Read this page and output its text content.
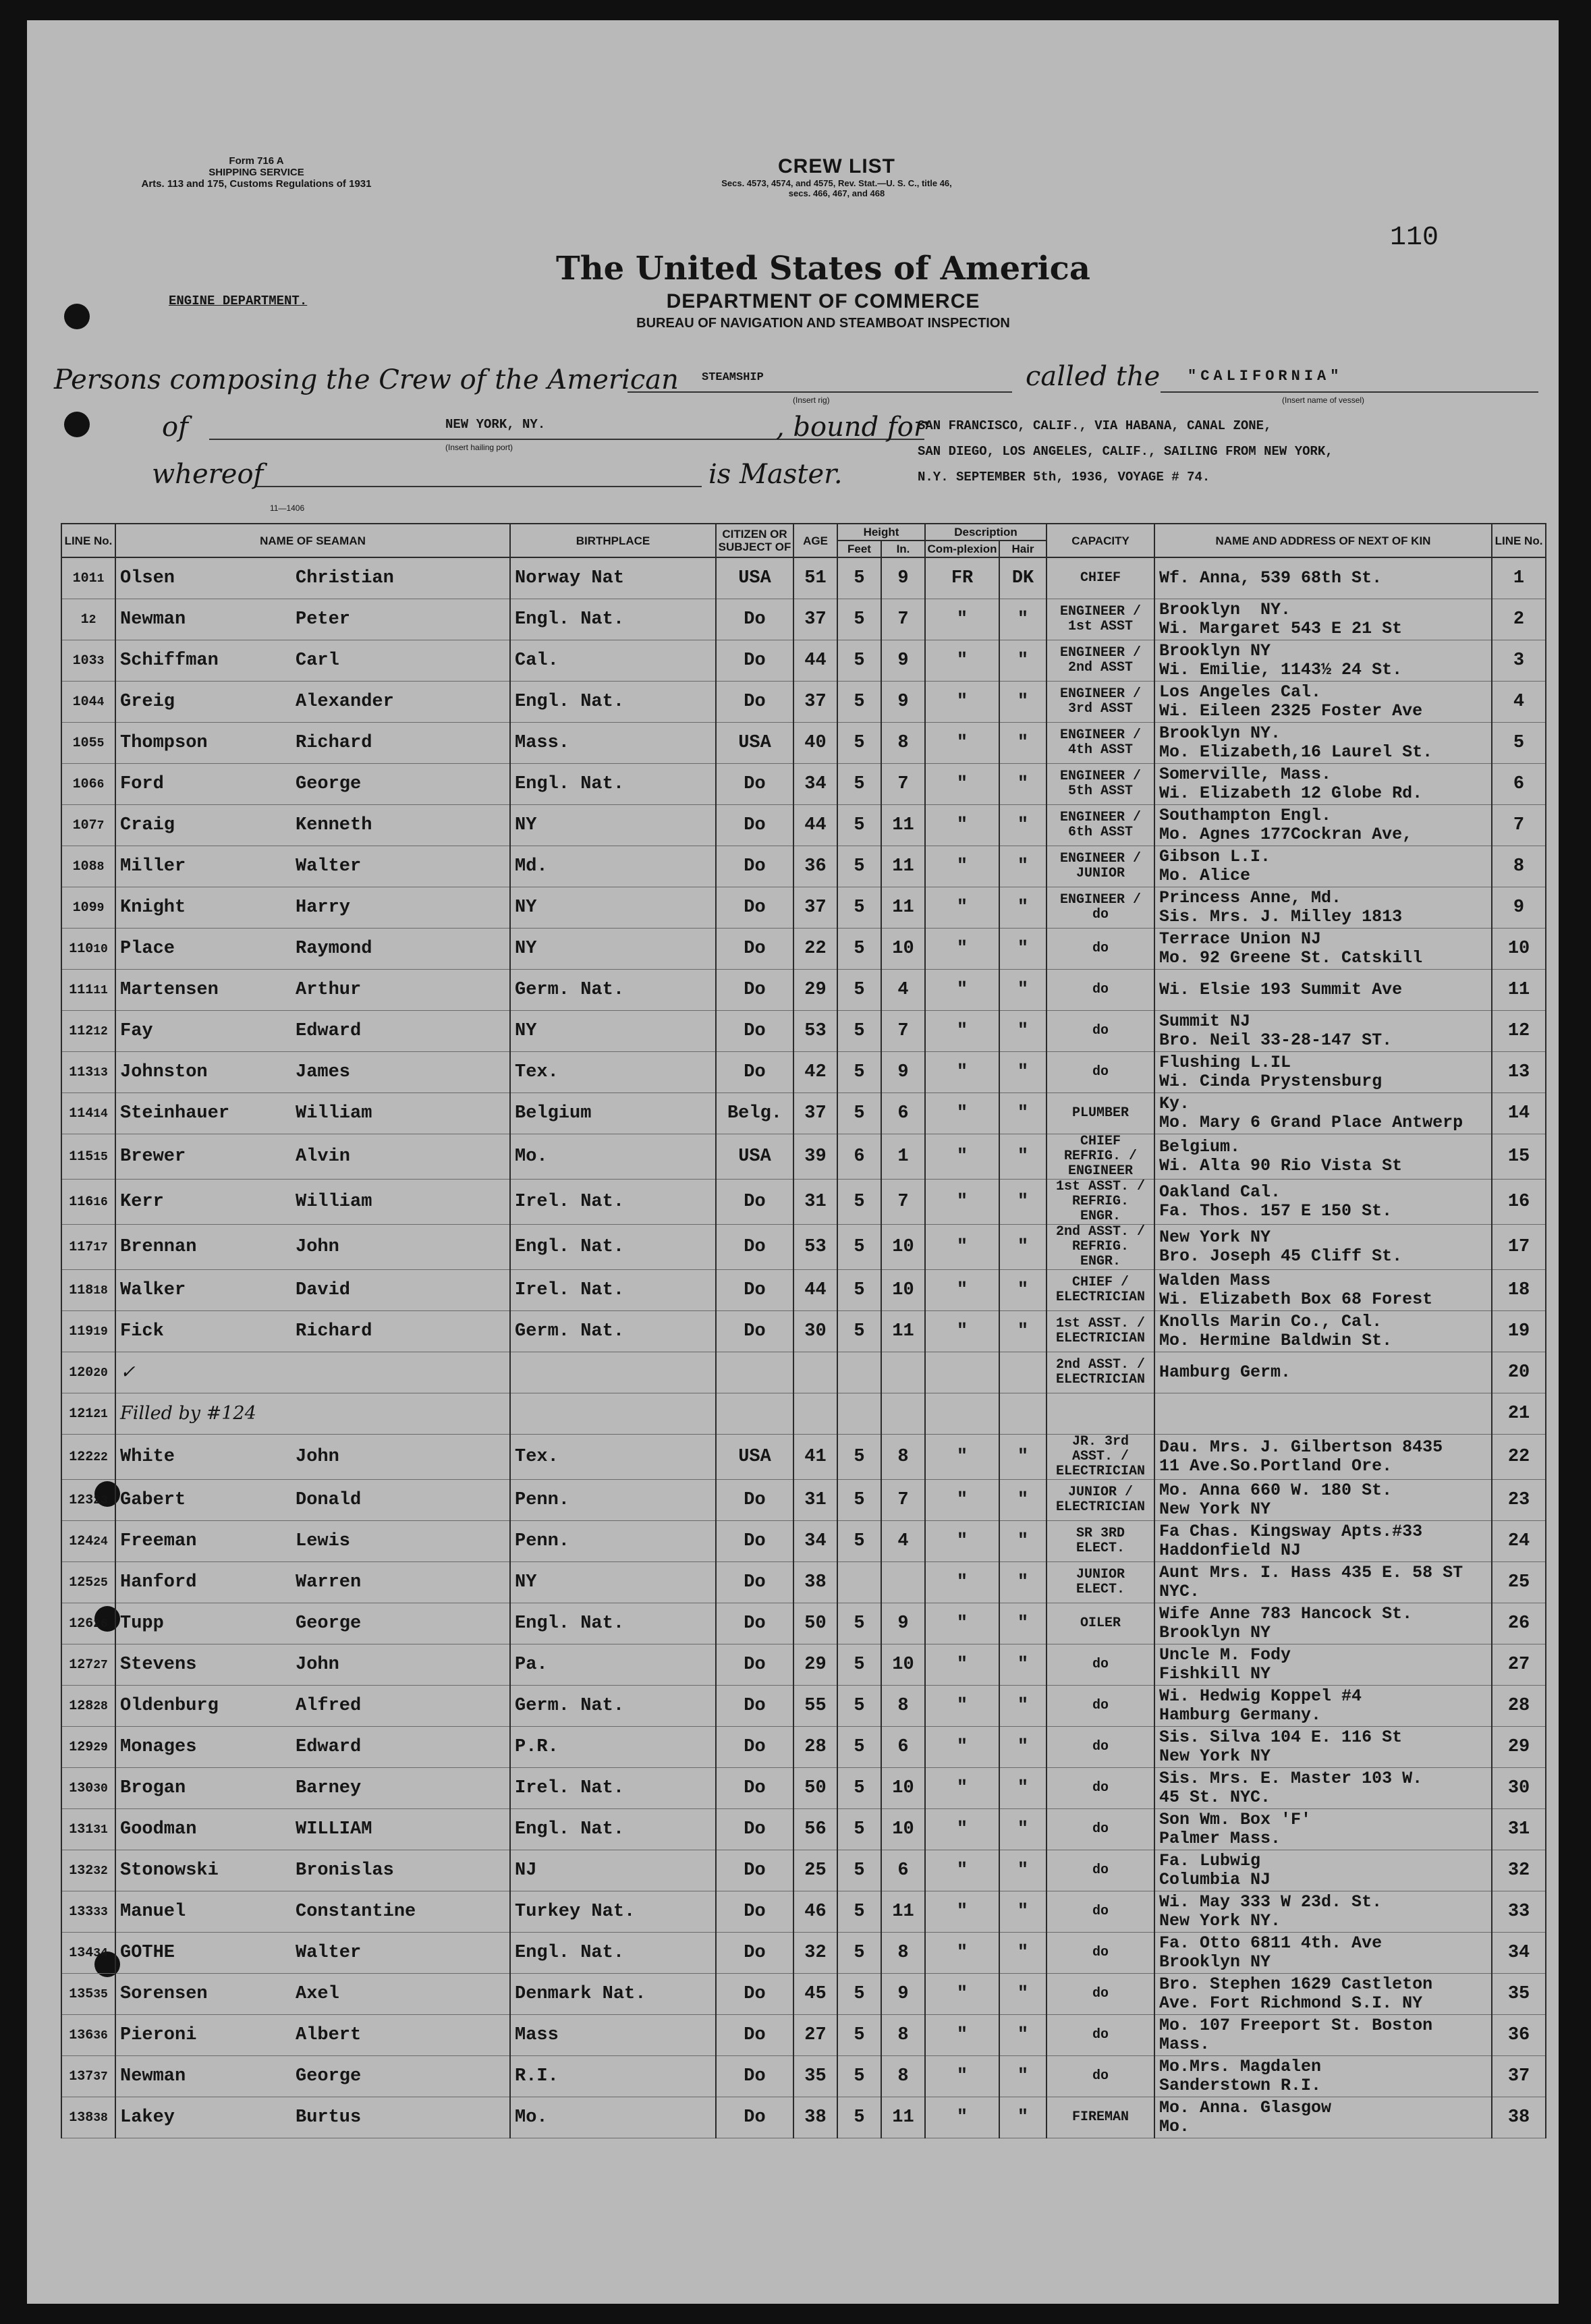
Form 716 A
SHIPPING SERVICE
Arts. 113 and 175, Customs Regulations of 1931
CREW LIST
Secs. 4573, 4574, and 4575, Rev. Stat.—U. S. C., title 46,
secs. 466, 467, and 468
110
The United States of America
DEPARTMENT OF COMMERCE
BUREAU OF NAVIGATION AND STEAMBOAT INSPECTION
ENGINE DEPARTMENT.
Persons composing the Crew of the American STEAMSHIP
(Insert rig)
called the "CALIFORNIA"
(Insert name of vessel)
of	NEW YORK, NY.
(Insert hailing port)
, bound for
SAN FRANCISCO, CALIF., VIA HABANA, CANAL ZONE,
SAN DIEGO, LOS ANGELES, CALIF., SAILING FROM NEW YORK,
N.Y. SEPTEMBER 5th, 1936, VOYAGE # 74.
whereof	is Master.
11—1406
LINE No.	NAME OF SEAMAN	BIRTHPLACE	CITIZEN OR SUBJECT OF	AGE	Height		Description		CAPACITY	NAME AND ADDRESS OF NEXT OF KIN	LINE No.
					Feet	In.	Com-plexion	Hair			
1011	Olsen Christian	Norway Nat	USA	51	5	9	FR	DK	CHIEF	Wf. Anna, 539 68th St.	1
12	Newman Peter	Engl. Nat.	Do	37	5	7	"	"	ENGINEER / 1st ASST	Brooklyn  NY.
Wi. Margaret 543 E 21 St	2
1033	Schiffman Carl	Cal.	Do	44	5	9	"	"	ENGINEER / 2nd ASST	Brooklyn NY
Wi. Emilie, 1143½ 24 St.	3
1044	Greig Alexander	Engl. Nat.	Do	37	5	9	"	"	ENGINEER / 3rd ASST	Los Angeles Cal.
Wi. Eileen 2325 Foster Ave	4
1055	Thompson Richard	Mass.	USA	40	5	8	"	"	ENGINEER / 4th ASST	Brooklyn NY.
Mo. Elizabeth,16 Laurel St.	5
1066	Ford George	Engl. Nat.	Do	34	5	7	"	"	ENGINEER / 5th ASST	Somerville, Mass.
Wi. Elizabeth 12 Globe Rd.	6
1077	Craig Kenneth	NY	Do	44	5	11	"	"	ENGINEER / 6th ASST	Southampton Engl.
Mo. Agnes 177Cockran Ave,	7
1088	Miller Walter	Md.	Do	36	5	11	"	"	ENGINEER / JUNIOR	Gibson L.I.
Mo. Alice	8
1099	Knight Harry	NY	Do	37	5	11	"	"	ENGINEER / do	Princess Anne, Md.
Sis. Mrs. J. Milley 1813	9
11010	Place Raymond	NY	Do	22	5	10	"	"	do	Terrace Union NJ
Mo. 92 Greene St. Catskill	10
11111	Martensen Arthur	Germ. Nat.	Do	29	5	4	"	"	do	Wi. Elsie 193 Summit Ave	11
11212	Fay Edward	NY	Do	53	5	7	"	"	do	Summit NJ
Bro. Neil 33-28-147 ST.	12
11313	Johnston James	Tex.	Do	42	5	9	"	"	do	Flushing L.IL
Wi. Cinda Prystensburg	13
11414	Steinhauer William	Belgium	Belg.	37	5	6	"	"	PLUMBER	Ky.
Mo. Mary 6 Grand Place Antwerp	14
11515	Brewer Alvin	Mo.	USA	39	6	1	"	"	CHIEF REFRIG. / ENGINEER	Belgium.
Wi. Alta 90 Rio Vista St	15
11616	Kerr William	Irel. Nat.	Do	31	5	7	"	"	1st ASST. / REFRIG. ENGR.	Oakland Cal.
Fa. Thos. 157 E 150 St.	16
11717	Brennan John	Engl. Nat.	Do	53	5	10	"	"	2nd ASST. / REFRIG. ENGR.	New York NY
Bro. Joseph 45 Cliff St.	17
11818	Walker David	Irel. Nat.	Do	44	5	10	"	"	CHIEF / ELECTRICIAN	Walden Mass
Wi. Elizabeth Box 68 Forest	18
11919	Fick Richard	Germ. Nat.	Do	30	5	11	"	"	1st ASST. / ELECTRICIAN	Knolls Marin Co., Cal.
Mo. Hermine Baldwin St.	19
12020	✓								2nd ASST. / ELECTRICIAN	Hamburg Germ.	20
12121	Filled by #124										21
12222	White John	Tex.	USA	41	5	8	"	"	JR. 3rd ASST. / ELECTRICIAN	Dau. Mrs. J. Gilbertson 8435
11 Ave.So.Portland Ore.	22
12323	Gabert Donald	Penn.	Do	31	5	7	"	"	JUNIOR / ELECTRICIAN	Mo. Anna 660 W. 180 St.
New York NY	23
12424	Freeman Lewis	Penn.	Do	34	5	4	"	"	SR 3RD ELECT.	Fa Chas. Kingsway Apts.#33
Haddonfield NJ	24
12525	Hanford Warren	NY	Do	38			"	"	JUNIOR ELECT.	Aunt Mrs. I. Hass 435 E. 58 ST
NYC.	25
12626	Tupp George	Engl. Nat.	Do	50	5	9	"	"	OILER	Wife Anne 783 Hancock St.
Brooklyn NY	26
12727	Stevens John	Pa.	Do	29	5	10	"	"	do	Uncle M. Fody
Fishkill NY	27
12828	Oldenburg Alfred	Germ. Nat.	Do	55	5	8	"	"	do	Wi. Hedwig Koppel #4
Hamburg Germany.	28
12929	Monages Edward	P.R.	Do	28	5	6	"	"	do	Sis. Silva 104 E. 116 St
New York NY	29
13030	Brogan Barney	Irel. Nat.	Do	50	5	10	"	"	do	Sis. Mrs. E. Master 103 W.
45 St. NYC.	30
13131	Goodman WILLIAM	Engl. Nat.	Do	56	5	10	"	"	do	Son Wm. Box 'F'
Palmer Mass.	31
13232	Stonowski Bronislas	NJ	Do	25	5	6	"	"	do	Fa. Lubwig
Columbia NJ	32
13333	Manuel Constantine	Turkey Nat.	Do	46	5	11	"	"	do	Wi. May 333 W 23d. St.
New York NY.	33
13434	GOTHE Walter	Engl. Nat.	Do	32	5	8	"	"	do	Fa. Otto 6811 4th. Ave
Brooklyn NY	34
13535	Sorensen Axel	Denmark Nat.	Do	45	5	9	"	"	do	Bro. Stephen 1629 Castleton
Ave. Fort Richmond S.I. NY	35
13636	Pieroni Albert	Mass	Do	27	5	8	"	"	do	Mo. 107 Freeport St. Boston
Mass.	36
13737	Newman George	R.I.	Do	35	5	8	"	"	do	Mo.Mrs. Magdalen
Sanderstown R.I.	37
13838	Lakey Burtus	Mo.	Do	38	5	11	"	"	FIREMAN	Mo. Anna. Glasgow
Mo.	38
